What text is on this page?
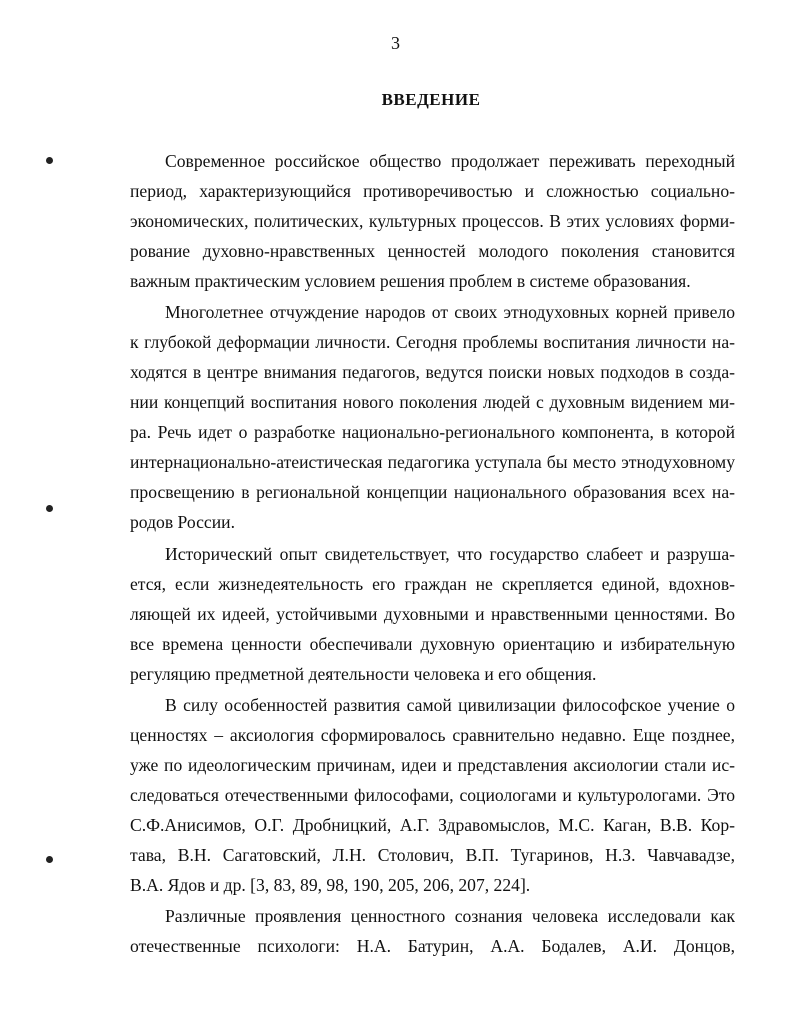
3
ВВЕДЕНИЕ
Современное российское общество продолжает переживать переходный
период, характеризующийся противоречивостью и сложностью социально-
экономических, политических, культурных процессов. В этих условиях форми-
рование духовно-нравственных ценностей молодого поколения становится
важным практическим условием решения проблем в системе образования.
Многолетнее отчуждение народов от своих этнодуховных корней привело
к глубокой деформации личности. Сегодня проблемы воспитания личности на-
ходятся в центре внимания педагогов, ведутся поиски новых подходов в созда-
нии концепций воспитания нового поколения людей с духовным видением ми-
ра. Речь идет о разработке национально-регионального компонента, в которой
интернационально-атеистическая педагогика уступала бы место этнодуховному
просвещению в региональной концепции национального образования всех на-
родов России.
Исторический опыт свидетельствует, что государство слабеет и разруша-
ется, если жизнедеятельность его граждан не скрепляется единой, вдохнов-
ляющей их идеей, устойчивыми духовными и нравственными ценностями. Во
все времена ценности обеспечивали духовную ориентацию и избирательную
регуляцию предметной деятельности человека и его общения.
В силу особенностей развития самой цивилизации философское учение о
ценностях – аксиология сформировалось сравнительно недавно. Еще позднее,
уже по идеологическим причинам, идеи и представления аксиологии стали ис-
следоваться отечественными философами, социологами и культурологами. Это
С.Ф.Анисимов, О.Г. Дробницкий, А.Г. Здравомыслов, М.С. Каган, В.В. Кор-
тава, В.Н. Сагатовский, Л.Н. Столович, В.П. Тугаринов, Н.З. Чавчавадзе,
В.А. Ядов и др. [3, 83, 89, 98, 190, 205, 206, 207, 224].
Различные проявления ценностного сознания человека исследовали как
отечественные психологи: Н.А. Батурин, А.А. Бодалев, А.И. Донцов,
